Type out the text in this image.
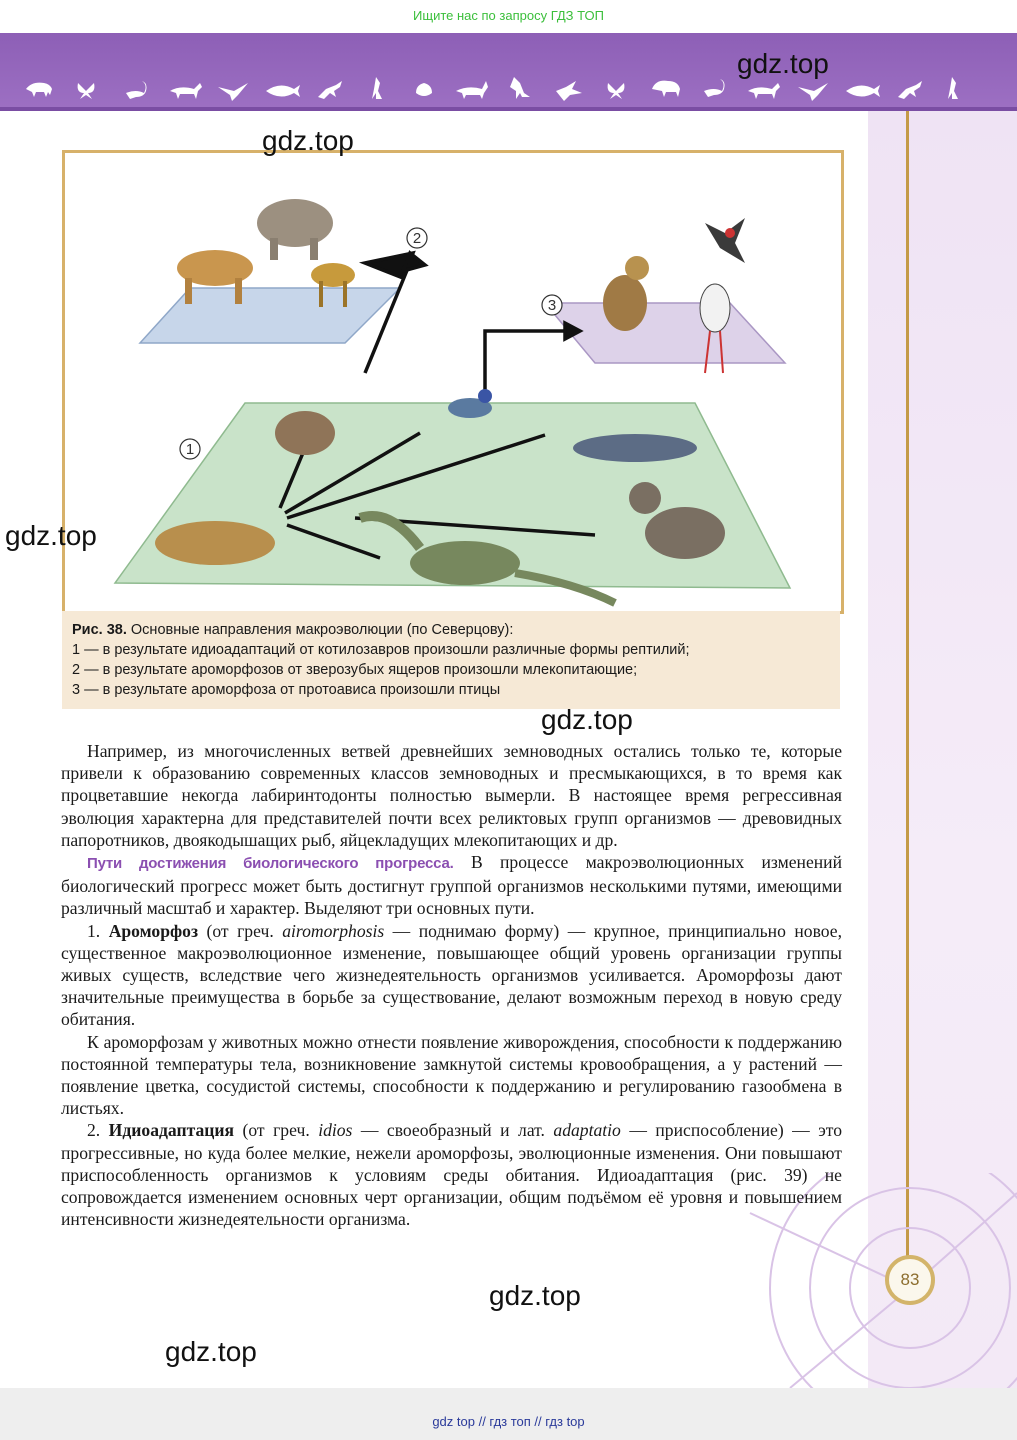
Ищите нас по запросу ГДЗ ТОП
2
3
1
Рис. 38. Основные направления макроэволюции (по Северцову):
1 — в результате идиоадаптаций от котилозавров произошли различные формы рептилий;
2 — в результате ароморфозов от зверозубых ящеров произошли млекопитающие;
3 — в результате ароморфоза от протоависа произошли птицы

Например, из многочисленных ветвей древнейших земноводных остались только те, которые привели к образованию современных классов земноводных и пресмыкающихся, в то время как процветавшие некогда лабиринтодонты полностью вымерли. В настоящее время регрессивная эволюция характерна для представителей почти всех реликтовых групп организмов — древовидных папоротников, двоякодышащих рыб, яйцекладущих млекопитающих и др.

Пути достижения биологического прогресса. В процессе макроэволюционных изменений биологический прогресс может быть достигнут группой организмов несколькими путями, имеющими различный масштаб и характер. Выделяют три основных пути.

1. Ароморфоз (от греч. airomorphosis — поднимаю форму) — крупное, принципиально новое, существенное макроэволюционное изменение, повышающее общий уровень организации группы живых существ, вследствие чего жизнедеятельность организмов усиливается. Ароморфозы дают значительные преимущества в борьбе за существование, делают возможным переход в новую среду обитания.

К ароморфозам у животных можно отнести появление живорождения, способности к поддержанию постоянной температуры тела, возникновение замкнутой системы кровообращения, а у растений — появление цветка, сосудистой системы, способности к поддержанию и регулированию газообмена в листьях.

2. Идиоадаптация (от греч. idios — своеобразный и лат. adaptatio — приспособление) — это прогрессивные, но куда более мелкие, нежели ароморфозы, эволюционные изменения. Они повышают приспособленность организмов к условиям среды обитания. Идиоадаптация (рис. 39) не сопровождается изменением основных черт организации, общим подъёмом её уровня и повышением интенсивности жизнедеятельности организма.

83
gdz.top
gdz.top
gdz.top
gdz.top
gdz.top
gdz.top
gdz top // гдз топ // гдз top
